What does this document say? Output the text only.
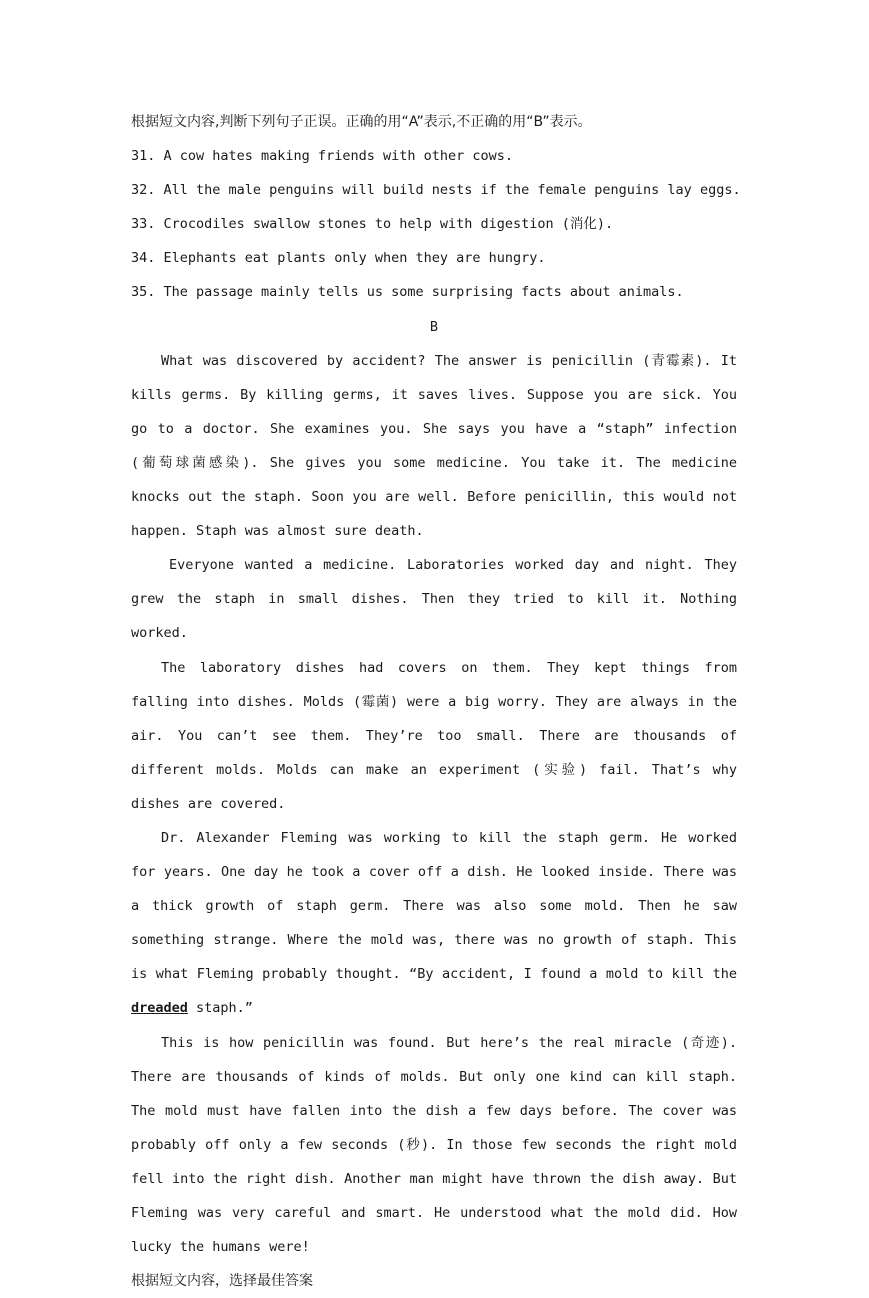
根据短文内容,判断下列句子正误。正确的用“A”表示,不正确的用“B”表示。

31. A cow hates making friends with other cows.

32. All the male penguins will build nests if the female penguins lay eggs.

33. Crocodiles swallow stones to help with digestion (消化).

34. Elephants eat plants only when they are hungry.

35. The passage mainly tells us some surprising facts about animals.

B

What was discovered by accident? The answer is penicillin (青霉素). It kills germs. By killing germs, it saves lives. Suppose you are sick. You go to a doctor. She examines you. She says you have a “staph” infection (葡萄球菌感染). She gives you some medicine. You take it. The medicine knocks out the staph. Soon you are well. Before penicillin, this would not happen. Staph was almost sure death.

Everyone wanted a medicine. Laboratories worked day and night. They grew the staph in small dishes. Then they tried to kill it. Nothing worked.

The laboratory dishes had covers on them. They kept things from falling into dishes. Molds (霉菌) were a big worry. They are always in the air. You can’t see them. They’re too small. There are thousands of different molds. Molds can make an experiment (实验) fail. That’s why dishes are covered.

Dr. Alexander Fleming was working to kill the staph germ. He worked for years. One day he took a cover off a dish. He looked inside. There was a thick growth of staph germ. There was also some mold. Then he saw something strange. Where the mold was, there was no growth of staph. This is what Fleming probably thought. “By accident, I found a mold to kill the dreaded staph.”

This is how penicillin was found. But here’s the real miracle (奇迹). There are thousands of kinds of molds. But only one kind can kill staph. The mold must have fallen into the dish a few days before. The cover was probably off only a few seconds (秒). In those few seconds the right mold fell into the right dish. Another man might have thrown the dish away. But Fleming was very careful and smart. He understood what the mold did. How lucky the humans were!

根据短文内容，选择最佳答案
